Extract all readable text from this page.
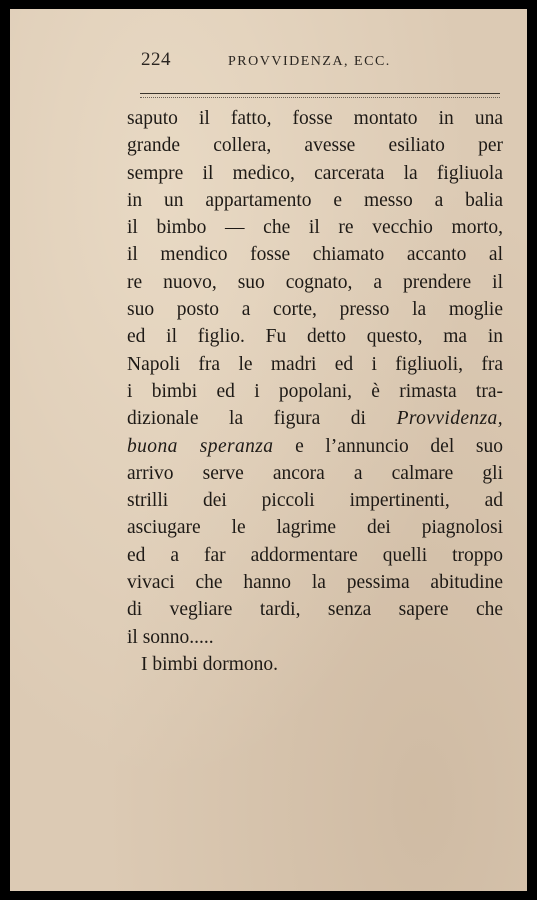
224	PROVVIDENZA, ECC.
saputo il fatto, fosse montato in una
grande collera, avesse esiliato per
sempre il medico, carcerata la figliuola
in un appartamento e messo a balia
il bimbo — che il re vecchio morto,
il mendico fosse chiamato accanto al
re nuovo, suo cognato, a prendere il
suo posto a corte, presso la moglie
ed il figlio. Fu detto questo, ma in
Napoli fra le madri ed i figliuoli, fra
i bimbi ed i popolani, è rimasta tra-
dizionale la figura di Provvidenza,
buona speranza e l’annuncio del suo
arrivo serve ancora a calmare gli
strilli dei piccoli impertinenti, ad
asciugare le lagrime dei piagnolosi
ed a far addormentare quelli troppo
vivaci che hanno la pessima abitudine
di vegliare tardi, senza sapere che
il sonno.....
I bimbi dormono.
